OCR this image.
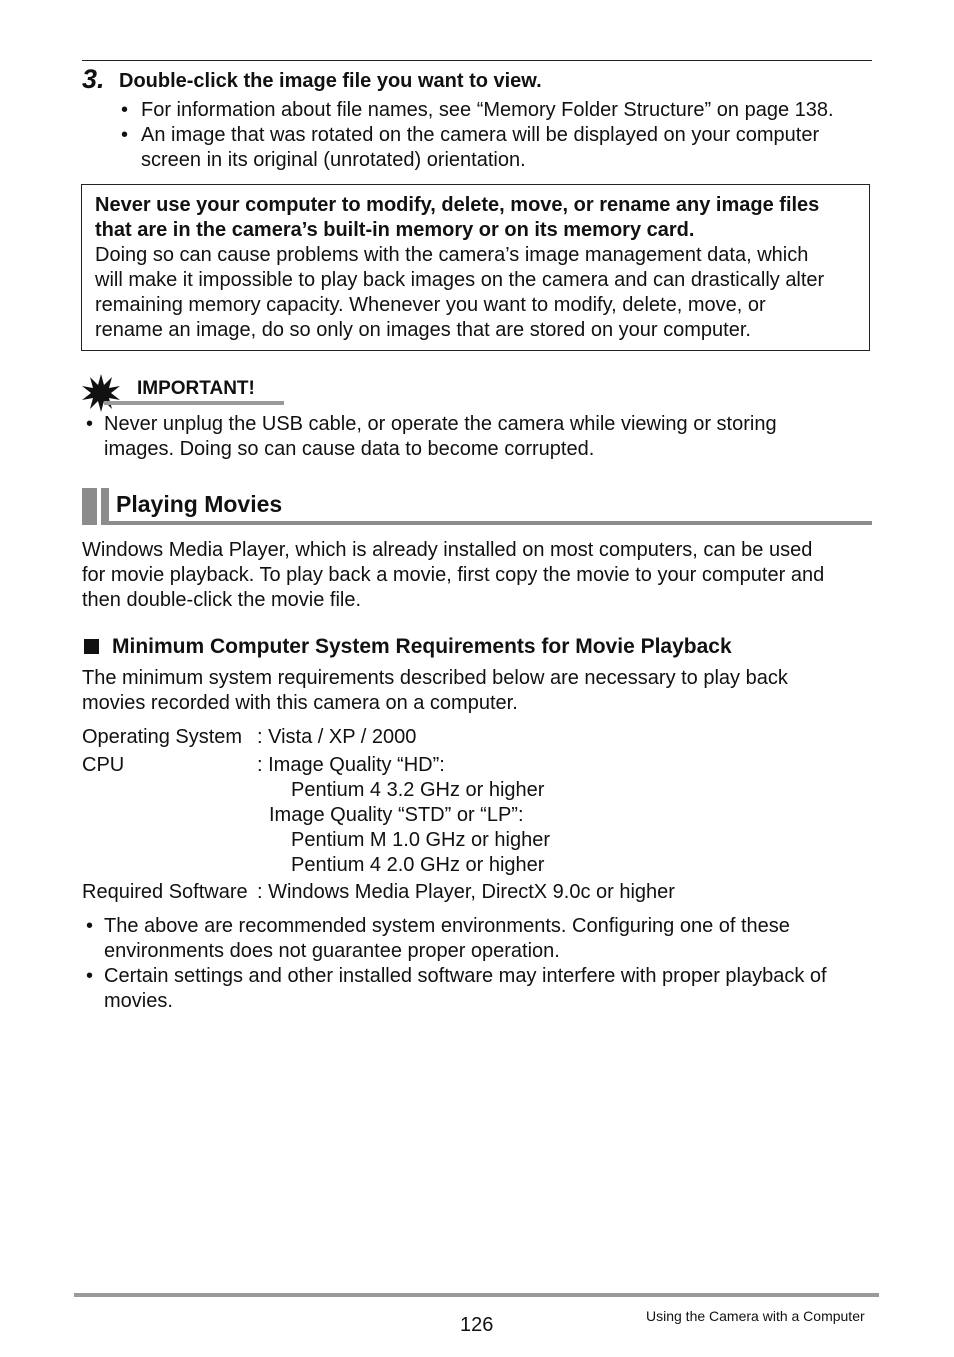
3. Double-click the image file you want to view.
• For information about file names, see “Memory Folder Structure” on page 138.
• An image that was rotated on the camera will be displayed on your computer
screen in its original (unrotated) orientation.
Never use your computer to modify, delete, move, or rename any image files
that are in the camera’s built-in memory or on its memory card.
Doing so can cause problems with the camera’s image management data, which
will make it impossible to play back images on the camera and can drastically alter
remaining memory capacity. Whenever you want to modify, delete, move, or
rename an image, do so only on images that are stored on your computer.
IMPORTANT!
• Never unplug the USB cable, or operate the camera while viewing or storing
images. Doing so can cause data to become corrupted.
Playing Movies
Windows Media Player, which is already installed on most computers, can be used
for movie playback. To play back a movie, first copy the movie to your computer and
then double-click the movie file.
Minimum Computer System Requirements for Movie Playback
The minimum system requirements described below are necessary to play back
movies recorded with this camera on a computer.
Operating System : Vista / XP / 2000
CPU	: Image Quality “HD”:
Pentium 4 3.2 GHz or higher
Image Quality “STD” or “LP”:
Pentium M 1.0 GHz or higher
Pentium 4 2.0 GHz or higher
Required Software : Windows Media Player, DirectX 9.0c or higher
• The above are recommended system environments. Configuring one of these
environments does not guarantee proper operation.
• Certain settings and other installed software may interfere with proper playback of
movies.
126	Using the Camera with a Computer
